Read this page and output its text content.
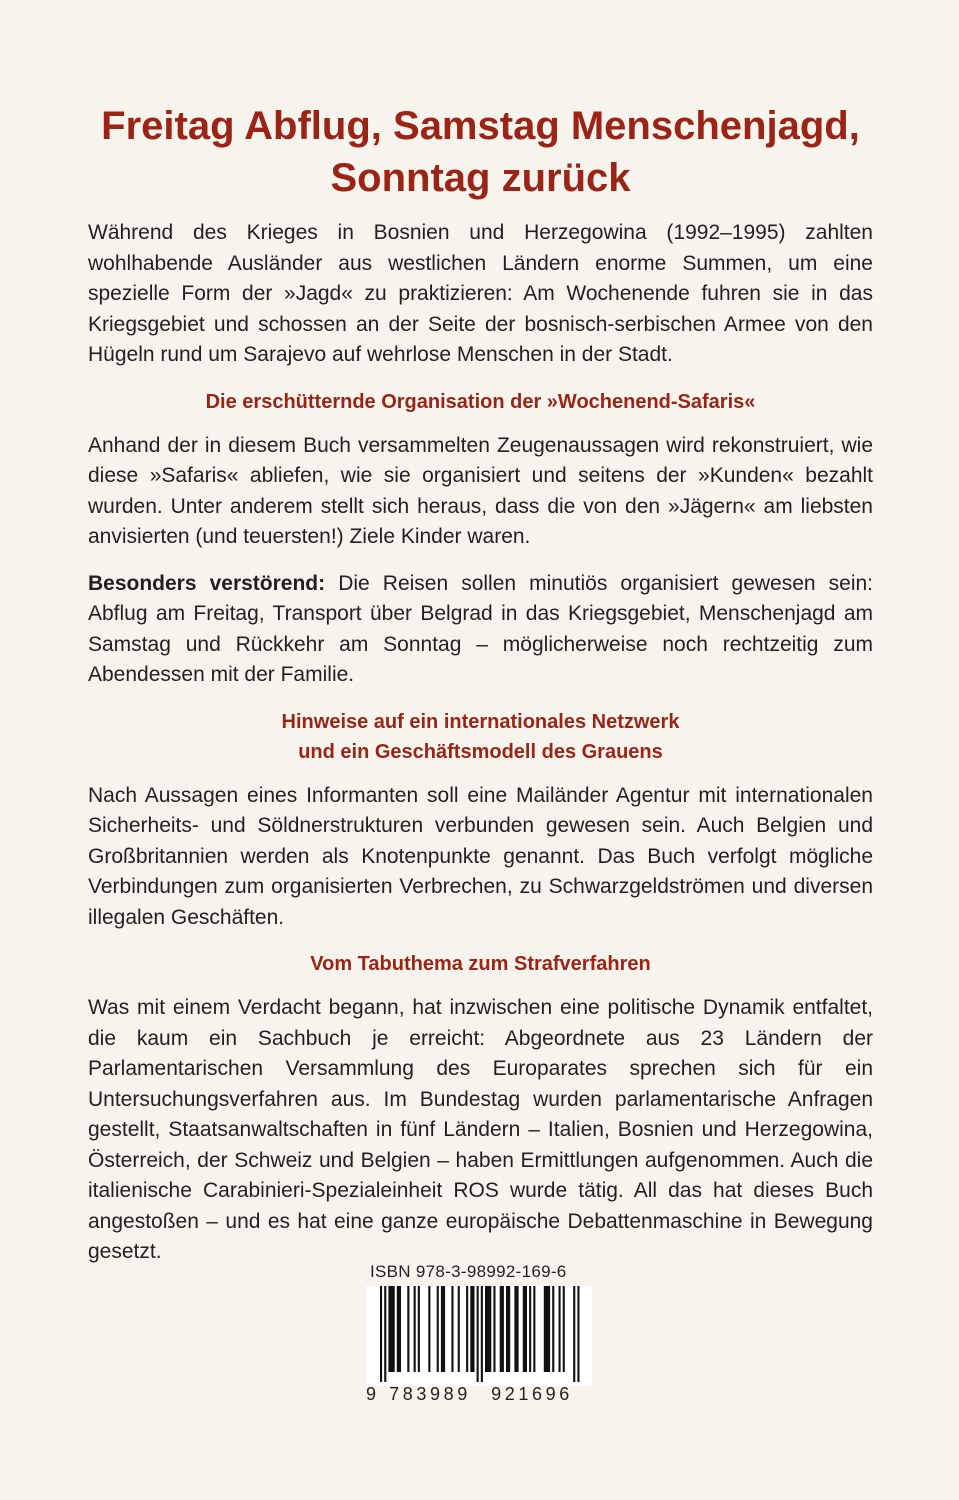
Freitag Abflug, Samstag Menschenjagd,
Sonntag zurück

Während des Krieges in Bosnien und Herzegowina (1992–1995) zahlten wohlhabende Ausländer aus westlichen Ländern enorme Summen, um eine spezielle Form der »Jagd« zu praktizieren: Am Wochenende fuhren sie in das Kriegsgebiet und schossen an der Seite der bosnisch-serbischen Armee von den Hügeln rund um Sarajevo auf wehrlose Menschen in der Stadt.

Die erschütternde Organisation der »Wochenend-Safaris«

Anhand der in diesem Buch versammelten Zeugenaussagen wird rekonstruiert, wie diese »Safaris« abliefen, wie sie organisiert und seitens der »Kunden« bezahlt wurden. Unter anderem stellt sich heraus, dass die von den »Jägern« am liebsten anvisierten (und teuersten!) Ziele Kinder waren.

Besonders verstörend: Die Reisen sollen minutiös organisiert gewesen sein: Abflug am Freitag, Transport über Belgrad in das Kriegsgebiet, Menschenjagd am Samstag und Rückkehr am Sonntag – möglicherweise noch rechtzeitig zum Abendessen mit der Familie.

Hinweise auf ein internationales Netzwerk
und ein Geschäftsmodell des Grauens

Nach Aussagen eines Informanten soll eine Mailänder Agentur mit internationalen Sicherheits- und Söldnerstrukturen verbunden gewesen sein. Auch Belgien und Großbritannien werden als Knotenpunkte genannt. Das Buch verfolgt mögliche Verbindungen zum organisierten Verbrechen, zu Schwarzgeldströmen und diversen illegalen Geschäften.

Vom Tabuthema zum Strafverfahren

Was mit einem Verdacht begann, hat inzwischen eine politische Dynamik entfaltet, die kaum ein Sachbuch je erreicht: Abgeordnete aus 23 Ländern der Parlamentarischen Versammlung des Europarates sprechen sich für ein Untersuchungsverfahren aus. Im Bundestag wurden parlamentarische Anfragen gestellt, Staatsanwaltschaften in fünf Ländern – Italien, Bosnien und Herzegowina, Österreich, der Schweiz und Belgien – haben Ermittlungen aufgenommen. Auch die italienische Carabinieri-Spezialeinheit ROS wurde tätig. All das hat dieses Buch angestoßen – und es hat eine ganze europäische Debattenmaschine in Bewegung gesetzt.

ISBN 978-3-98992-169-6
9 783989	921696
